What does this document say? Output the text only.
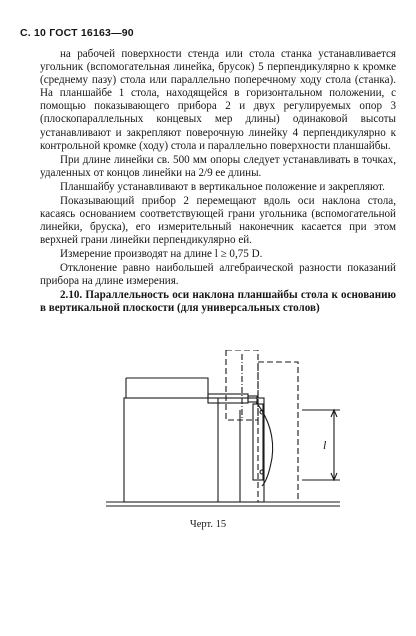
С. 10 ГОСТ 16163—90

на рабочей поверхности стенда или стола станка устанавливается угольник (вспомогательная линейка, брусок) 5 перпендикулярно к кромке (среднему пазу) стола или параллельно поперечному ходу стола (станка). На планшайбе 1 стола, находящейся в горизонтальном положении, с помощью показывающего прибора 2 и двух регулируемых опор 3 (плоскопараллельных концевых мер длины) одинаковой высоты устанавливают и закрепляют поверочную линейку 4 перпендикулярно к контрольной кромке (ходу) стола и параллельно поверхности планшайбы.

При длине линейки св. 500 мм опоры следует устанавливать в точках, удаленных от концов линейки на 2/9 ее длины.

Планшайбу устанавливают в вертикальное положение и закрепляют.

Показывающий прибор 2 перемещают вдоль оси наклона стола, касаясь основанием соответствующей грани угольника (вспомогательной линейки, бруска), его измерительный наконечник касается при этом верхней грани линейки перпендикулярно ей.

Измерение производят на длине l ≥ 0,75 D.

Отклонение равно наибольшей алгебраической разности показаний прибора на длине измерения.

2.10. Параллельность оси наклона планшайбы стола к основанию в вертикальной плоскости (для универсальных столов)
l
Черт. 15
